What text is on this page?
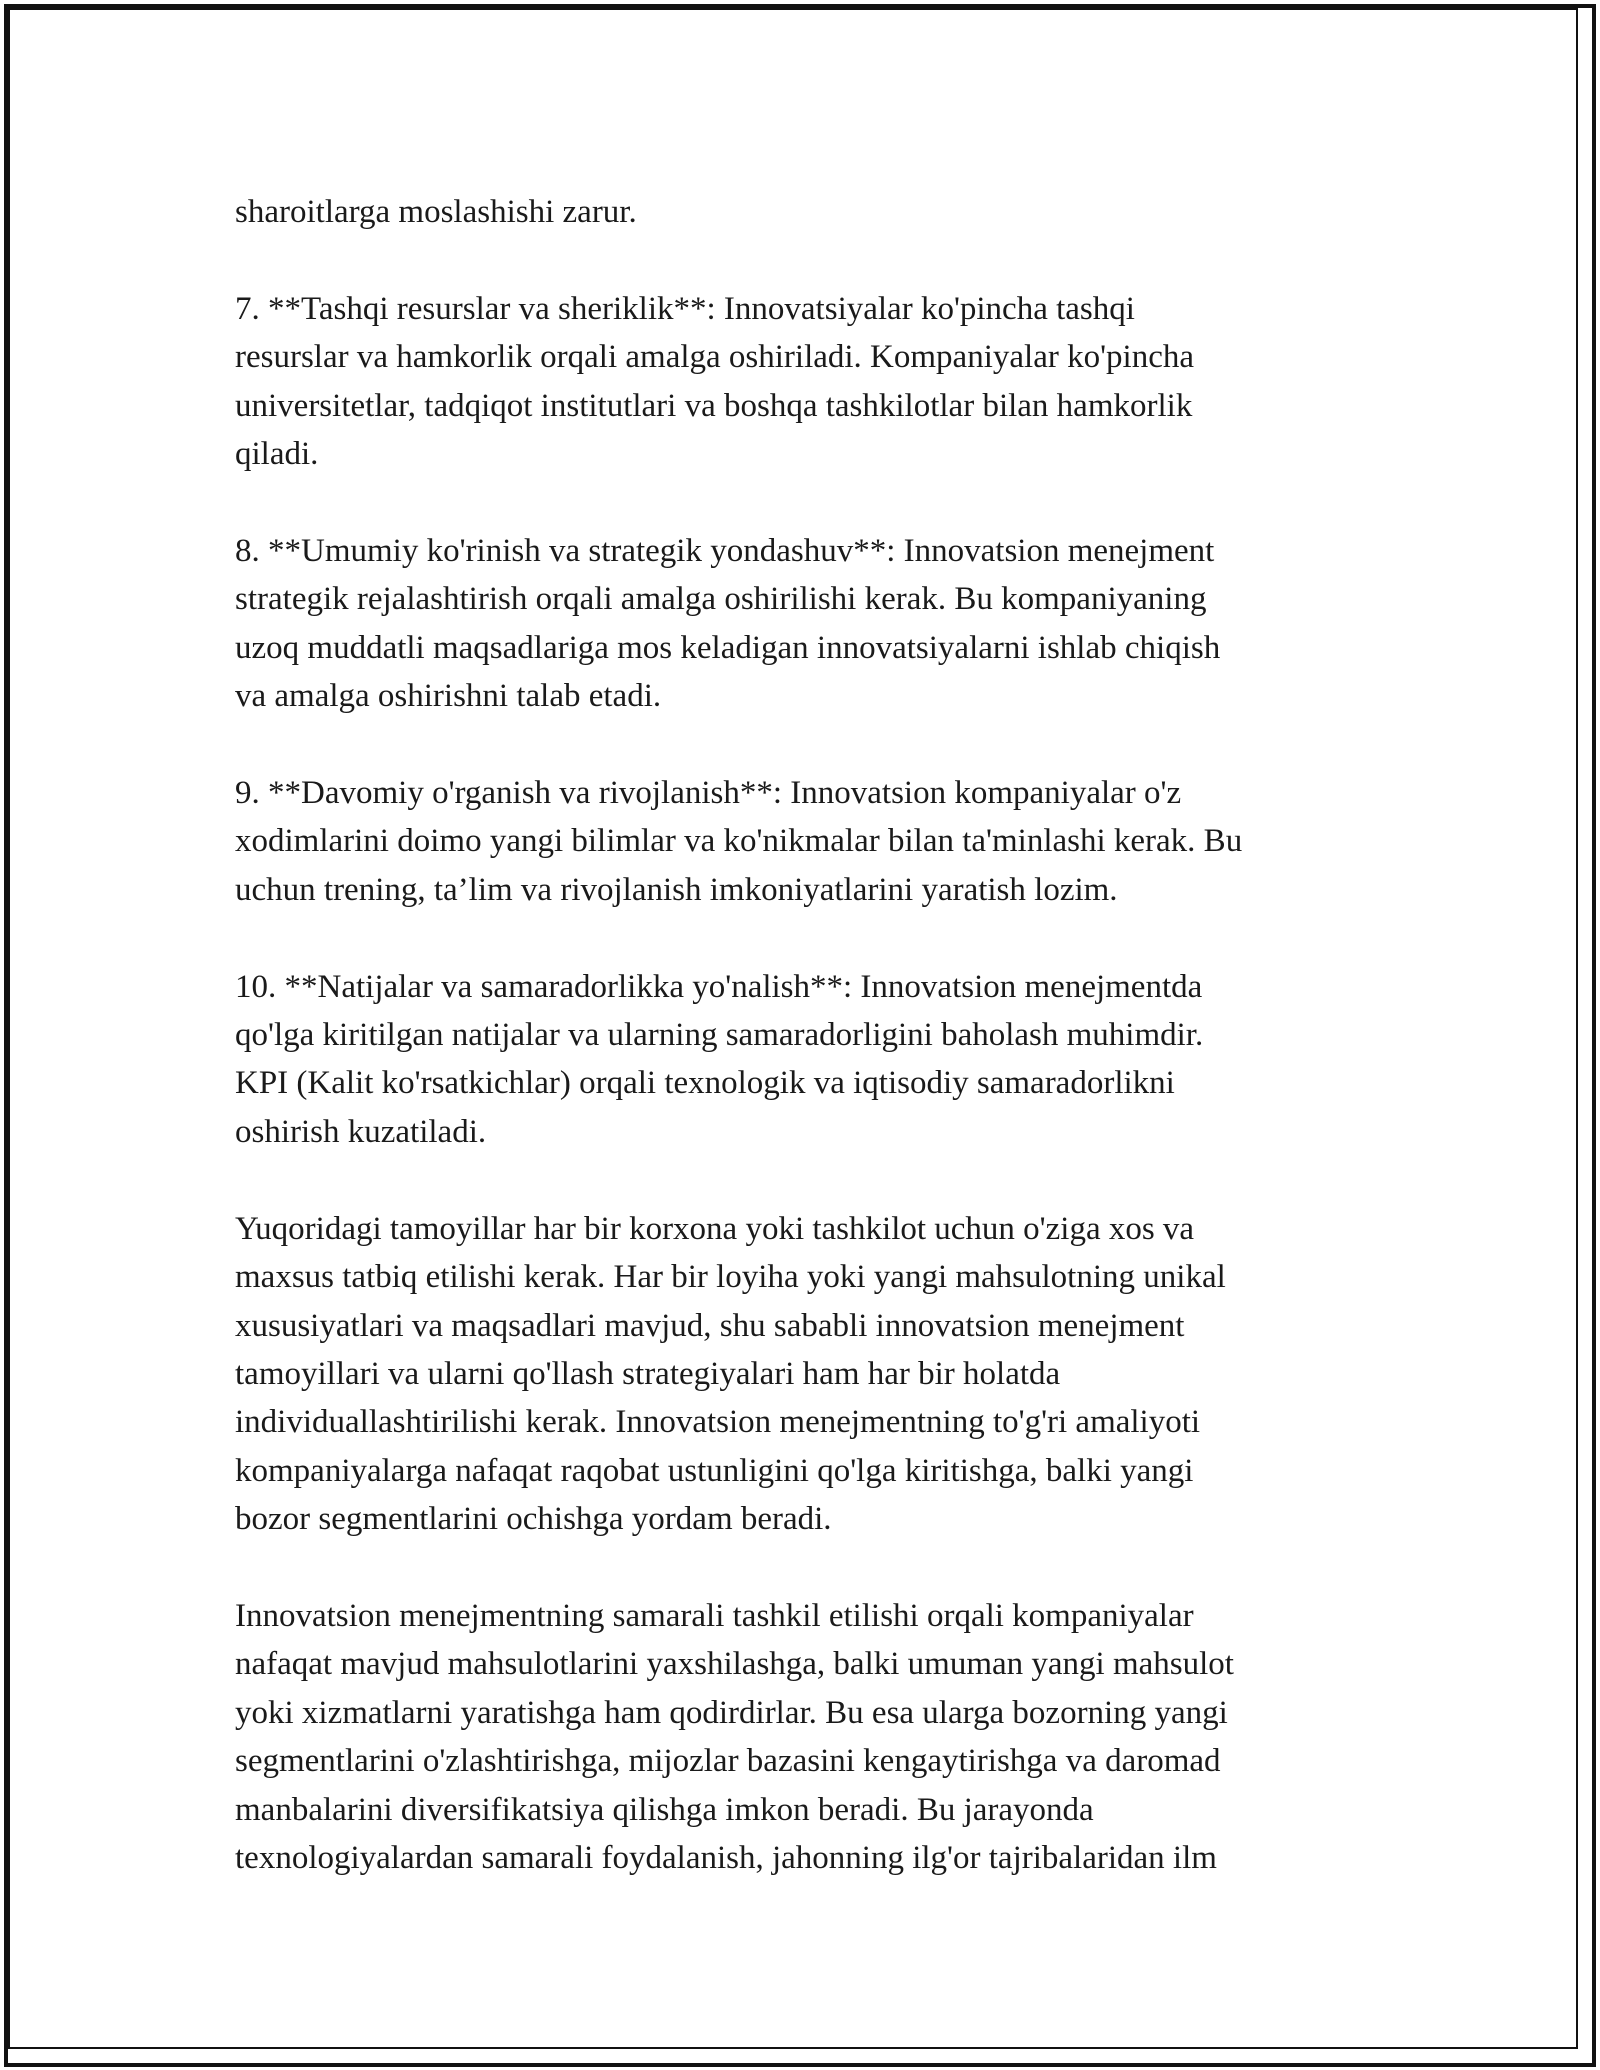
sharoitlarga moslashishi zarur.

7. **Tashqi resurslar va sheriklik**: Innovatsiyalar ko'pincha tashqi
resurslar va hamkorlik orqali amalga oshiriladi. Kompaniyalar ko'pincha
universitetlar, tadqiqot institutlari va boshqa tashkilotlar bilan hamkorlik
qiladi.

8. **Umumiy ko'rinish va strategik yondashuv**: Innovatsion menejment
strategik rejalashtirish orqali amalga oshirilishi kerak. Bu kompaniyaning
uzoq muddatli maqsadlariga mos keladigan innovatsiyalarni ishlab chiqish
va amalga oshirishni talab etadi.

9. **Davomiy o'rganish va rivojlanish**: Innovatsion kompaniyalar o'z
xodimlarini doimo yangi bilimlar va ko'nikmalar bilan ta'minlashi kerak. Bu
uchun trening, ta’lim va rivojlanish imkoniyatlarini yaratish lozim.

10. **Natijalar va samaradorlikka yo'nalish**: Innovatsion menejmentda
qo'lga kiritilgan natijalar va ularning samaradorligini baholash muhimdir.
KPI (Kalit ko'rsatkichlar) orqali texnologik va iqtisodiy samaradorlikni
oshirish kuzatiladi.

Yuqoridagi tamoyillar har bir korxona yoki tashkilot uchun o'ziga xos va
maxsus tatbiq etilishi kerak. Har bir loyiha yoki yangi mahsulotning unikal
xususiyatlari va maqsadlari mavjud, shu sababli innovatsion menejment
tamoyillari va ularni qo'llash strategiyalari ham har bir holatda
individuallashtirilishi kerak. Innovatsion menejmentning to'g'ri amaliyoti
kompaniyalarga nafaqat raqobat ustunligini qo'lga kiritishga, balki yangi
bozor segmentlarini ochishga yordam beradi.

Innovatsion menejmentning samarali tashkil etilishi orqali kompaniyalar
nafaqat mavjud mahsulotlarini yaxshilashga, balki umuman yangi mahsulot
yoki xizmatlarni yaratishga ham qodirdirlar. Bu esa ularga bozorning yangi
segmentlarini o'zlashtirishga, mijozlar bazasini kengaytirishga va daromad
manbalarini diversifikatsiya qilishga imkon beradi. Bu jarayonda
texnologiyalardan samarali foydalanish, jahonning ilg'or tajribalaridan ilm
